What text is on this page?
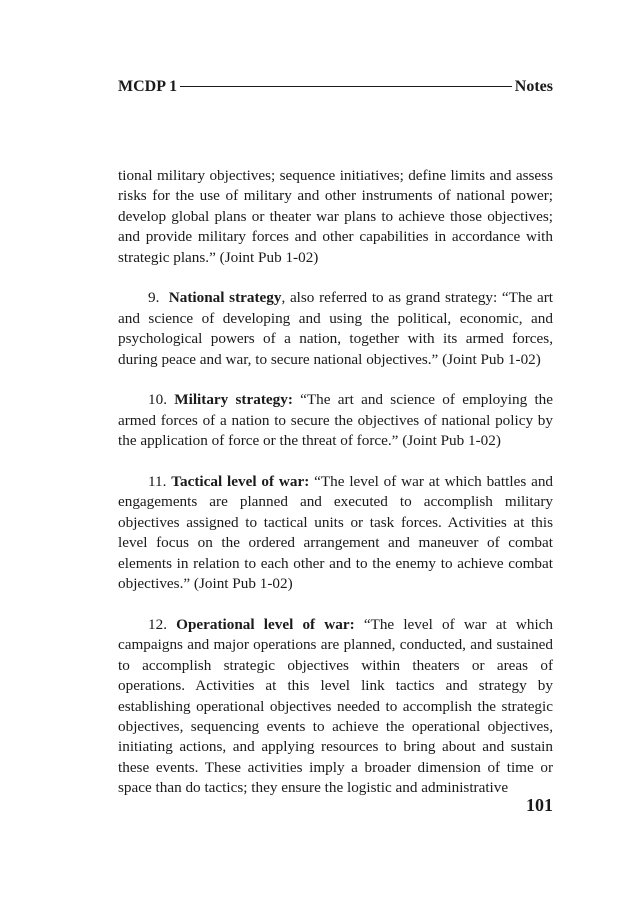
MCDP 1	Notes

tional military objectives; sequence initiatives; define limits and assess risks for the use of military and other instruments of national power; develop global plans or theater war plans to achieve those objectives; and provide military forces and other capabilities in accordance with strategic plans.” (Joint Pub 1-02)

9. National strategy, also referred to as grand strategy: “The art and science of developing and using the political, economic, and psychological powers of a nation, together with its armed forces, during peace and war, to secure national objectives.” (Joint Pub 1-02)

10. Military strategy: “The art and science of employing the armed forces of a nation to secure the objectives of national policy by the application of force or the threat of force.” (Joint Pub 1-02)

11. Tactical level of war: “The level of war at which battles and engagements are planned and executed to accomplish military objectives assigned to tactical units or task forces. Activities at this level focus on the ordered arrangement and maneuver of combat elements in relation to each other and to the enemy to achieve combat objectives.” (Joint Pub 1-02)

12. Operational level of war: “The level of war at which campaigns and major operations are planned, conducted, and sustained to accomplish strategic objectives within theaters or areas of operations. Activities at this level link tactics and strategy by establishing operational objectives needed to accomplish the strategic objectives, sequencing events to achieve the operational objectives, initiating actions, and applying resources to bring about and sustain these events. These activities imply a broader dimension of time or space than do tactics; they ensure the logistic and administrative

101
